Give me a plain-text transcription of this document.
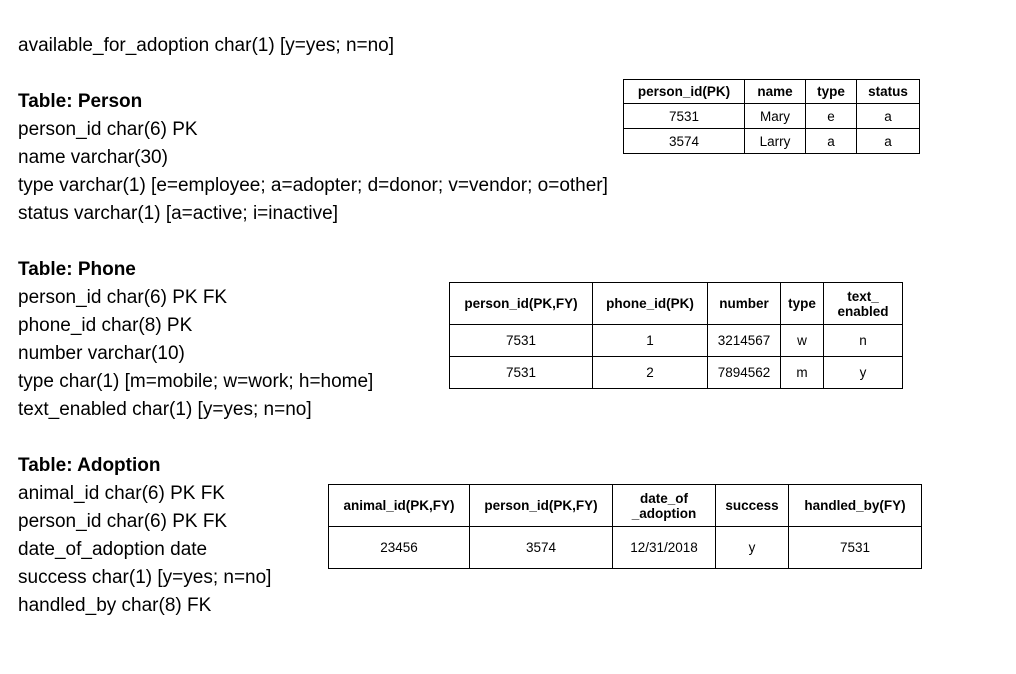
available_for_adoption char(1) [y=yes; n=no]
Table: Person
person_id char(6) PK
name varchar(30)
type varchar(1) [e=employee; a=adopter; d=donor; v=vendor; o=other]
status varchar(1) [a=active; i=inactive]
person_id(PK)	name	type	status
7531	Mary	e	a
3574	Larry	a	a
Table: Phone
person_id char(6) PK FK
phone_id char(8) PK
number varchar(10)
type char(1) [m=mobile; w=work; h=home]
text_enabled char(1) [y=yes; n=no]
person_id(PK,FY)	phone_id(PK)	number	type	text_ enabled
7531	1	3214567	w	n
7531	2	7894562	m	y
Table: Adoption
animal_id char(6) PK FK
person_id char(6) PK FK
date_of_adoption date
success char(1) [y=yes; n=no]
handled_by char(8) FK
animal_id(PK,FY)	person_id(PK,FY)	date_of _adoption	success	handled_by(FY)
23456	3574	12/31/2018	y	7531
